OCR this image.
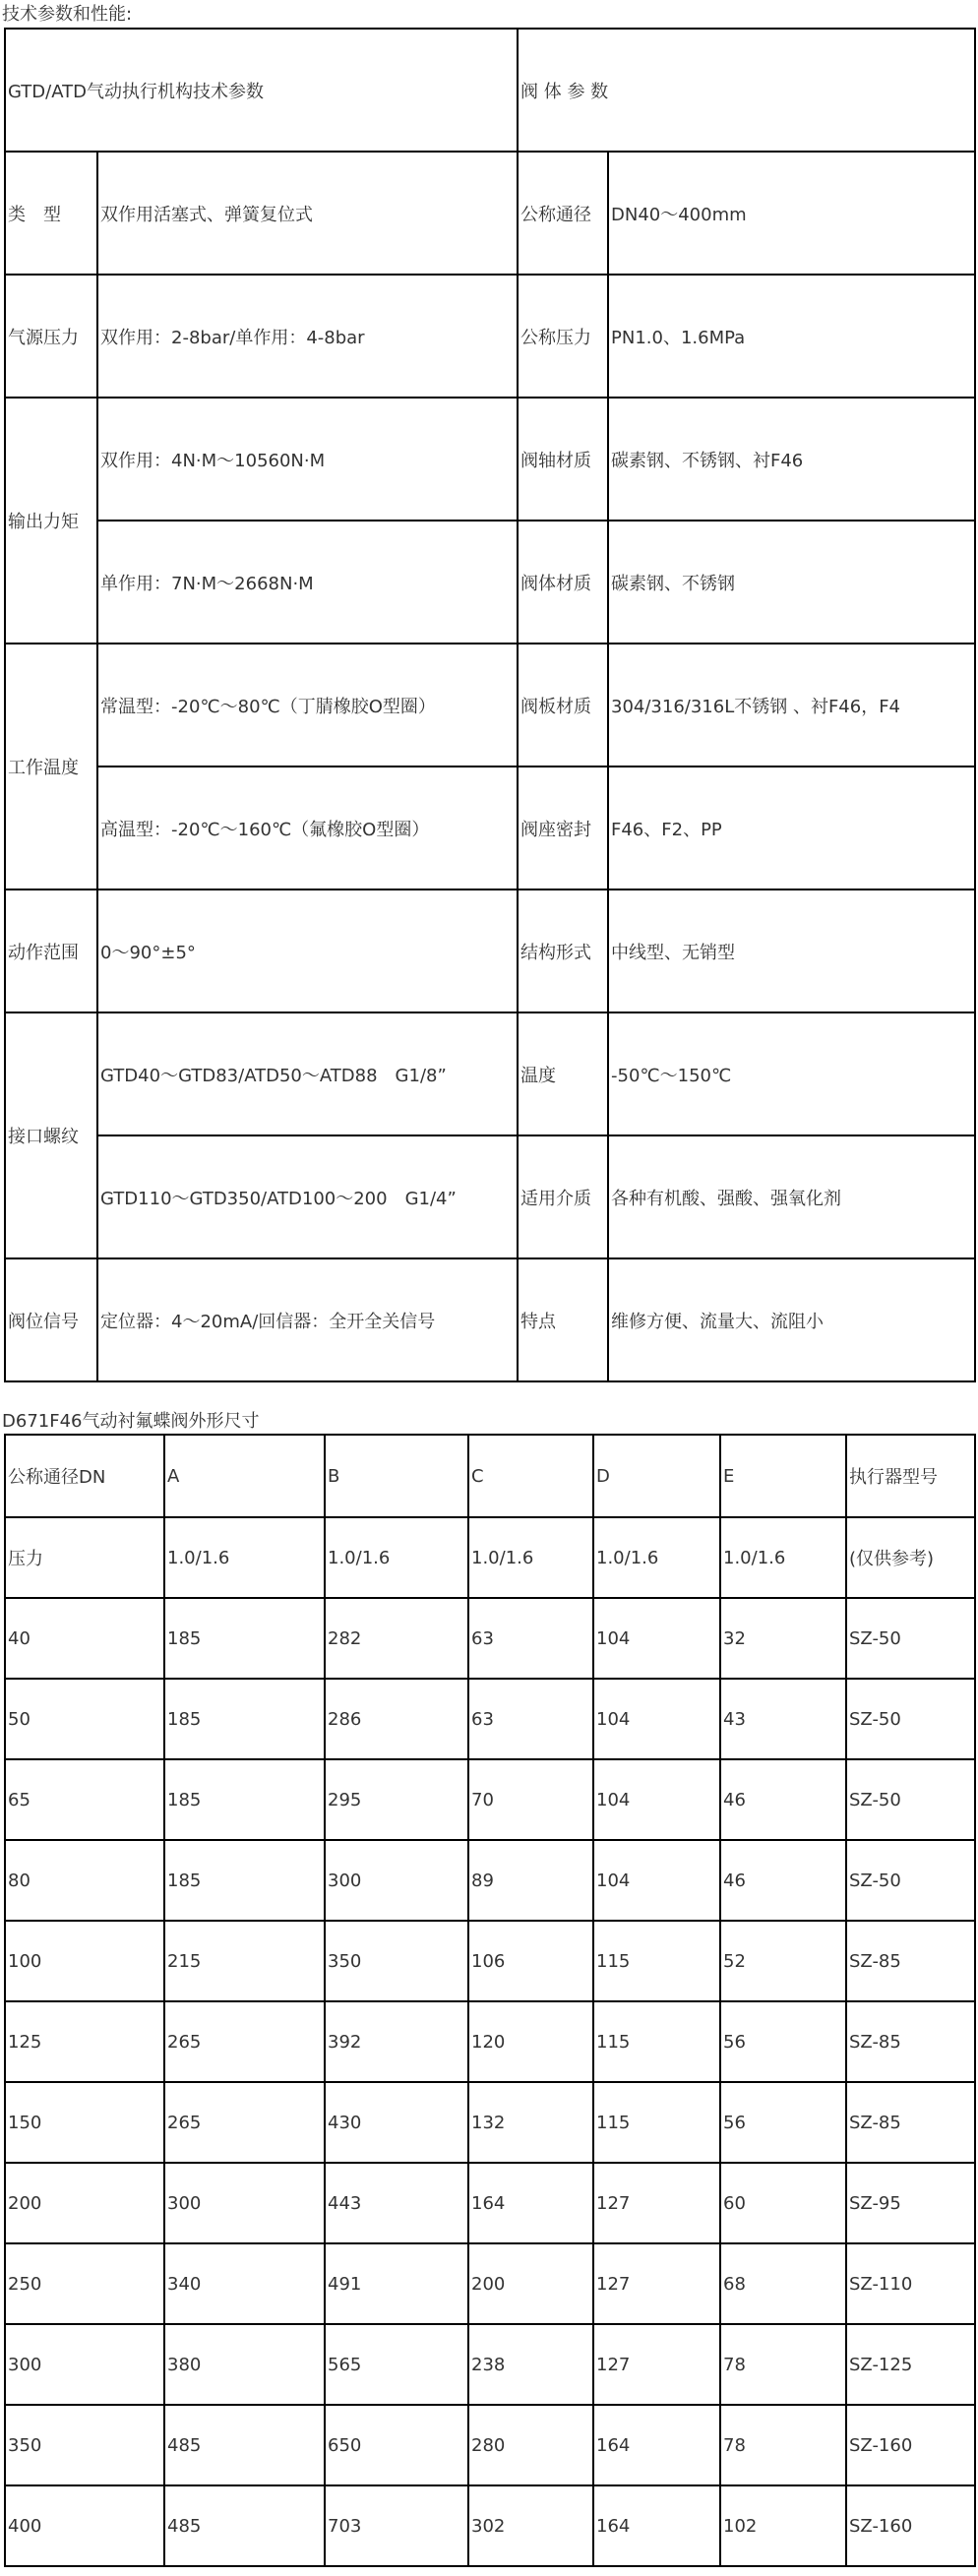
技术参数和性能:
GTD/ATD气动执行机构技术参数		阀 体 参 数	
类　型	双作用活塞式、弹簧复位式	公称通径	DN40～400mm
气源压力	双作用：2-8bar/单作用：4-8bar	公称压力	PN1.0、1.6MPa
输出力矩	双作用：4N·M～10560N·M	阀轴材质	碳素钢、不锈钢、衬F46
	单作用：7N·M～2668N·M	阀体材质	碳素钢、不锈钢
工作温度	常温型：-20℃～80℃（丁腈橡胶O型圈）	阀板材质	304/316/316L不锈钢 、衬F46，F4
	高温型：-20℃～160℃（氟橡胶O型圈）	阀座密封	F46、F2、PP
动作范围	0～90°±5°	结构形式	中线型、无销型
接口螺纹	GTD40～GTD83/ATD50～ATD88　G1/8”	温度	-50℃～150℃
	GTD110～GTD350/ATD100～200　G1/4”	适用介质	各种有机酸、强酸、强氧化剂
阀位信号	定位器：4～20mA/回信器：全开全关信号	特点	维修方便、流量大、流阻小
D671F46气动衬氟蝶阀外形尺寸
公称通径DN	A	B	C	D	E	执行器型号
压力	1.0/1.6	1.0/1.6	1.0/1.6	1.0/1.6	1.0/1.6	(仅供参考)
40	185	282	63	104	32	SZ-50
50	185	286	63	104	43	SZ-50
65	185	295	70	104	46	SZ-50
80	185	300	89	104	46	SZ-50
100	215	350	106	115	52	SZ-85
125	265	392	120	115	56	SZ-85
150	265	430	132	115	56	SZ-85
200	300	443	164	127	60	SZ-95
250	340	491	200	127	68	SZ-110
300	380	565	238	127	78	SZ-125
350	485	650	280	164	78	SZ-160
400	485	703	302	164	102	SZ-160
